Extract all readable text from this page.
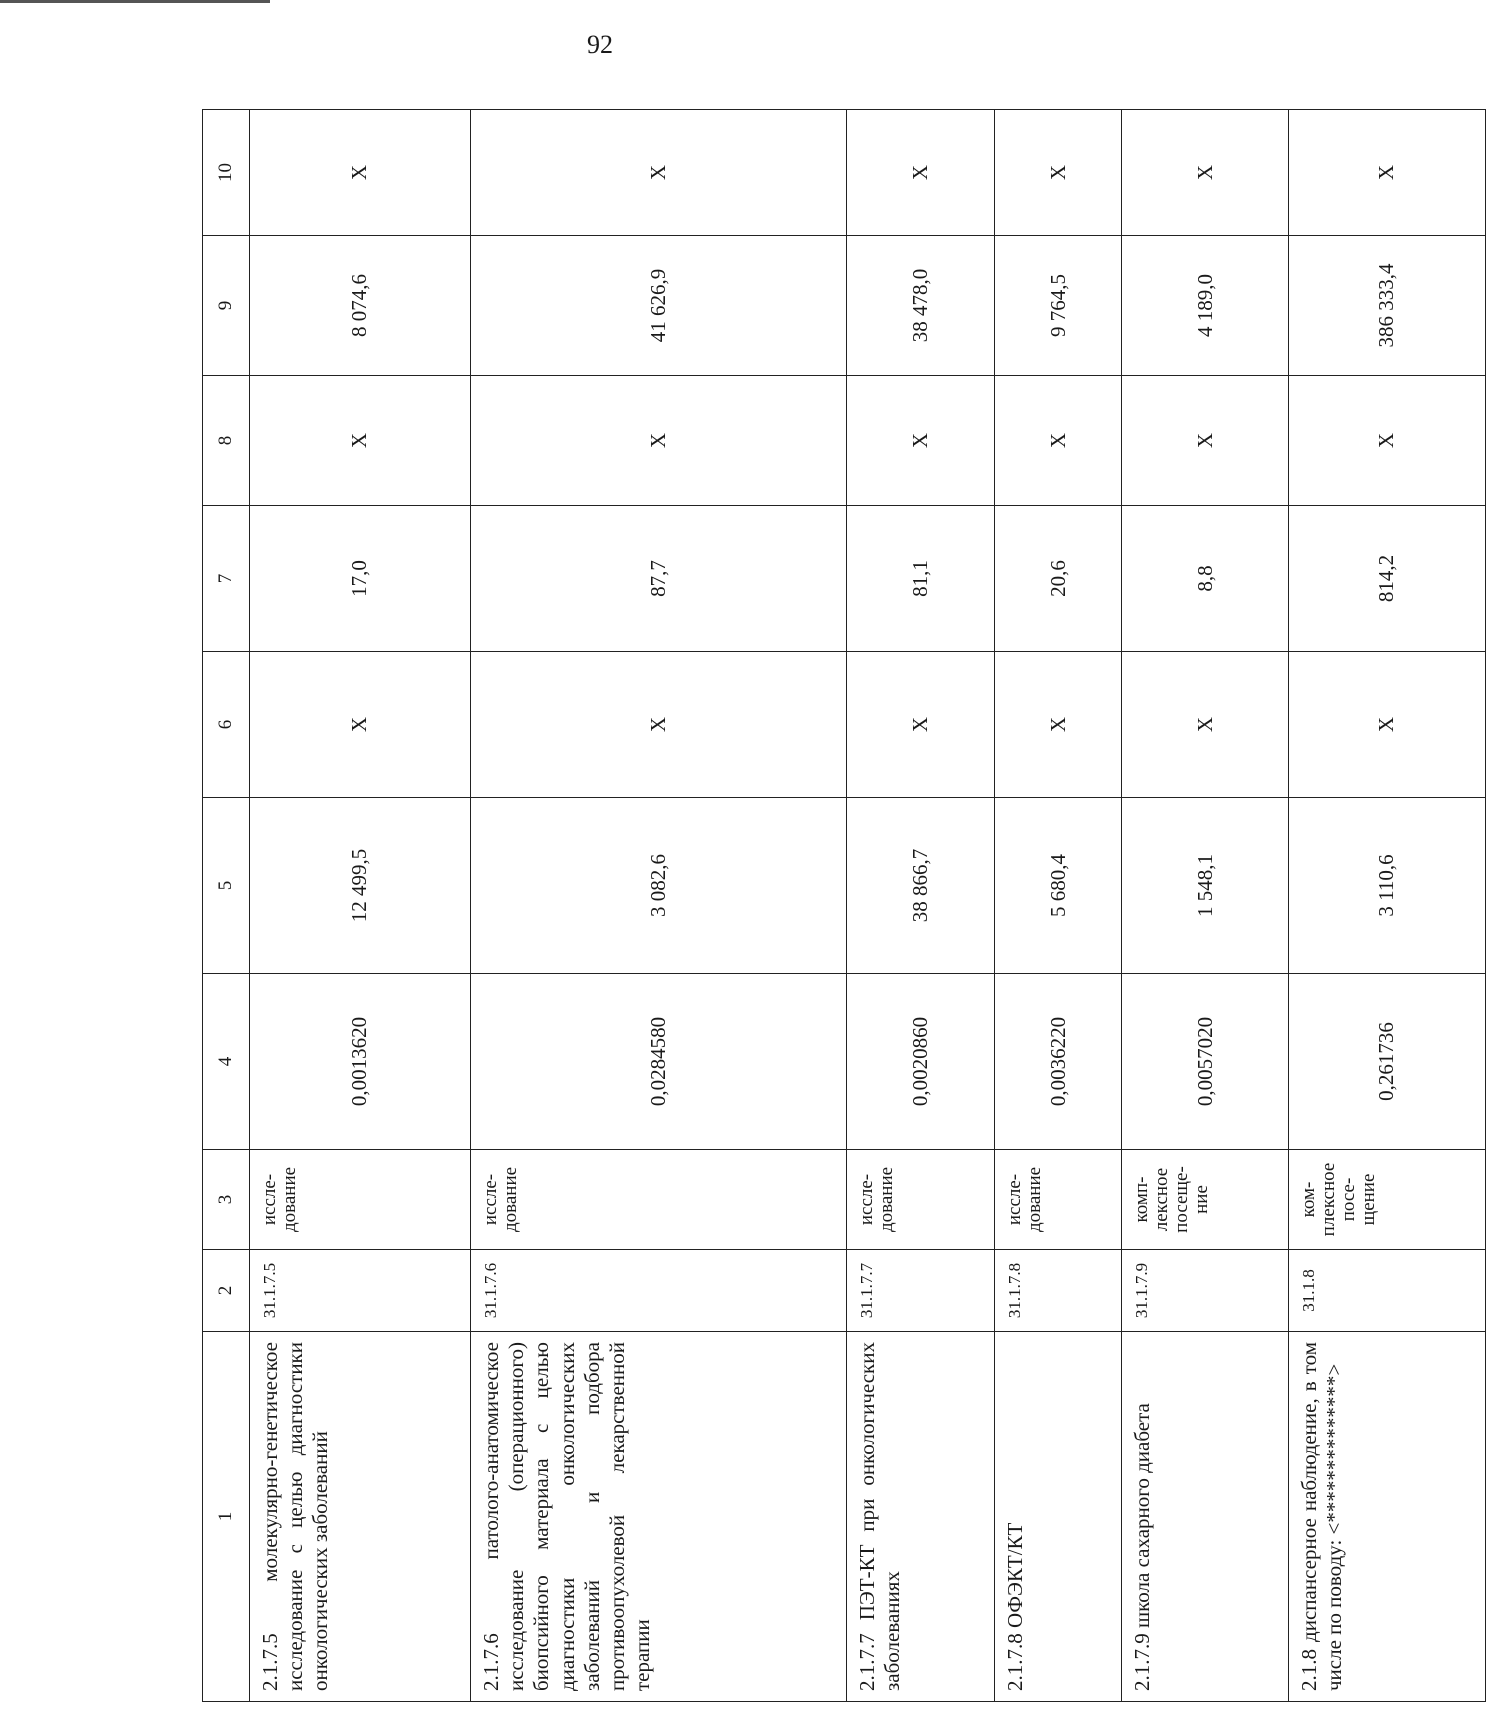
92
1	2	3	4	5	6	7	8	9	10
2.1.7.5 молекулярно-генетическое исследование с целью диагностики онкологических заболеваний	31.1.7.5	иссле-дование	0,0013620	12 499,5	Х	17,0	Х	8 074,6	Х
2.1.7.6 патолого-анатомическое исследование (операционного) биопсийного материала с целью диагностики онкологических заболеваний и подбора противоопухолевой лекарственной терапии	31.1.7.6	иссле-дование	0,0284580	3 082,6	Х	87,7	Х	41 626,9	Х
2.1.7.7 ПЭТ-КТ при онкологических заболеваниях	31.1.7.7	иссле-дование	0,0020860	38 866,7	Х	81,1	Х	38 478,0	Х
2.1.7.8 ОФЭКТ/КТ	31.1.7.8	иссле-дование	0,0036220	5 680,4	Х	20,6	Х	9 764,5	Х
2.1.7.9 школа сахарного диабета	31.1.7.9	комп-лексное посеще-ние	0,0057020	1 548,1	Х	8,8	Х	4 189,0	Х
2.1.8 диспансерное наблюдение, в том числе по поводу: <**************>	31.1.8	ком-плексное посе-щение	0,261736	3 110,6	Х	814,2	Х	386 333,4	Х
